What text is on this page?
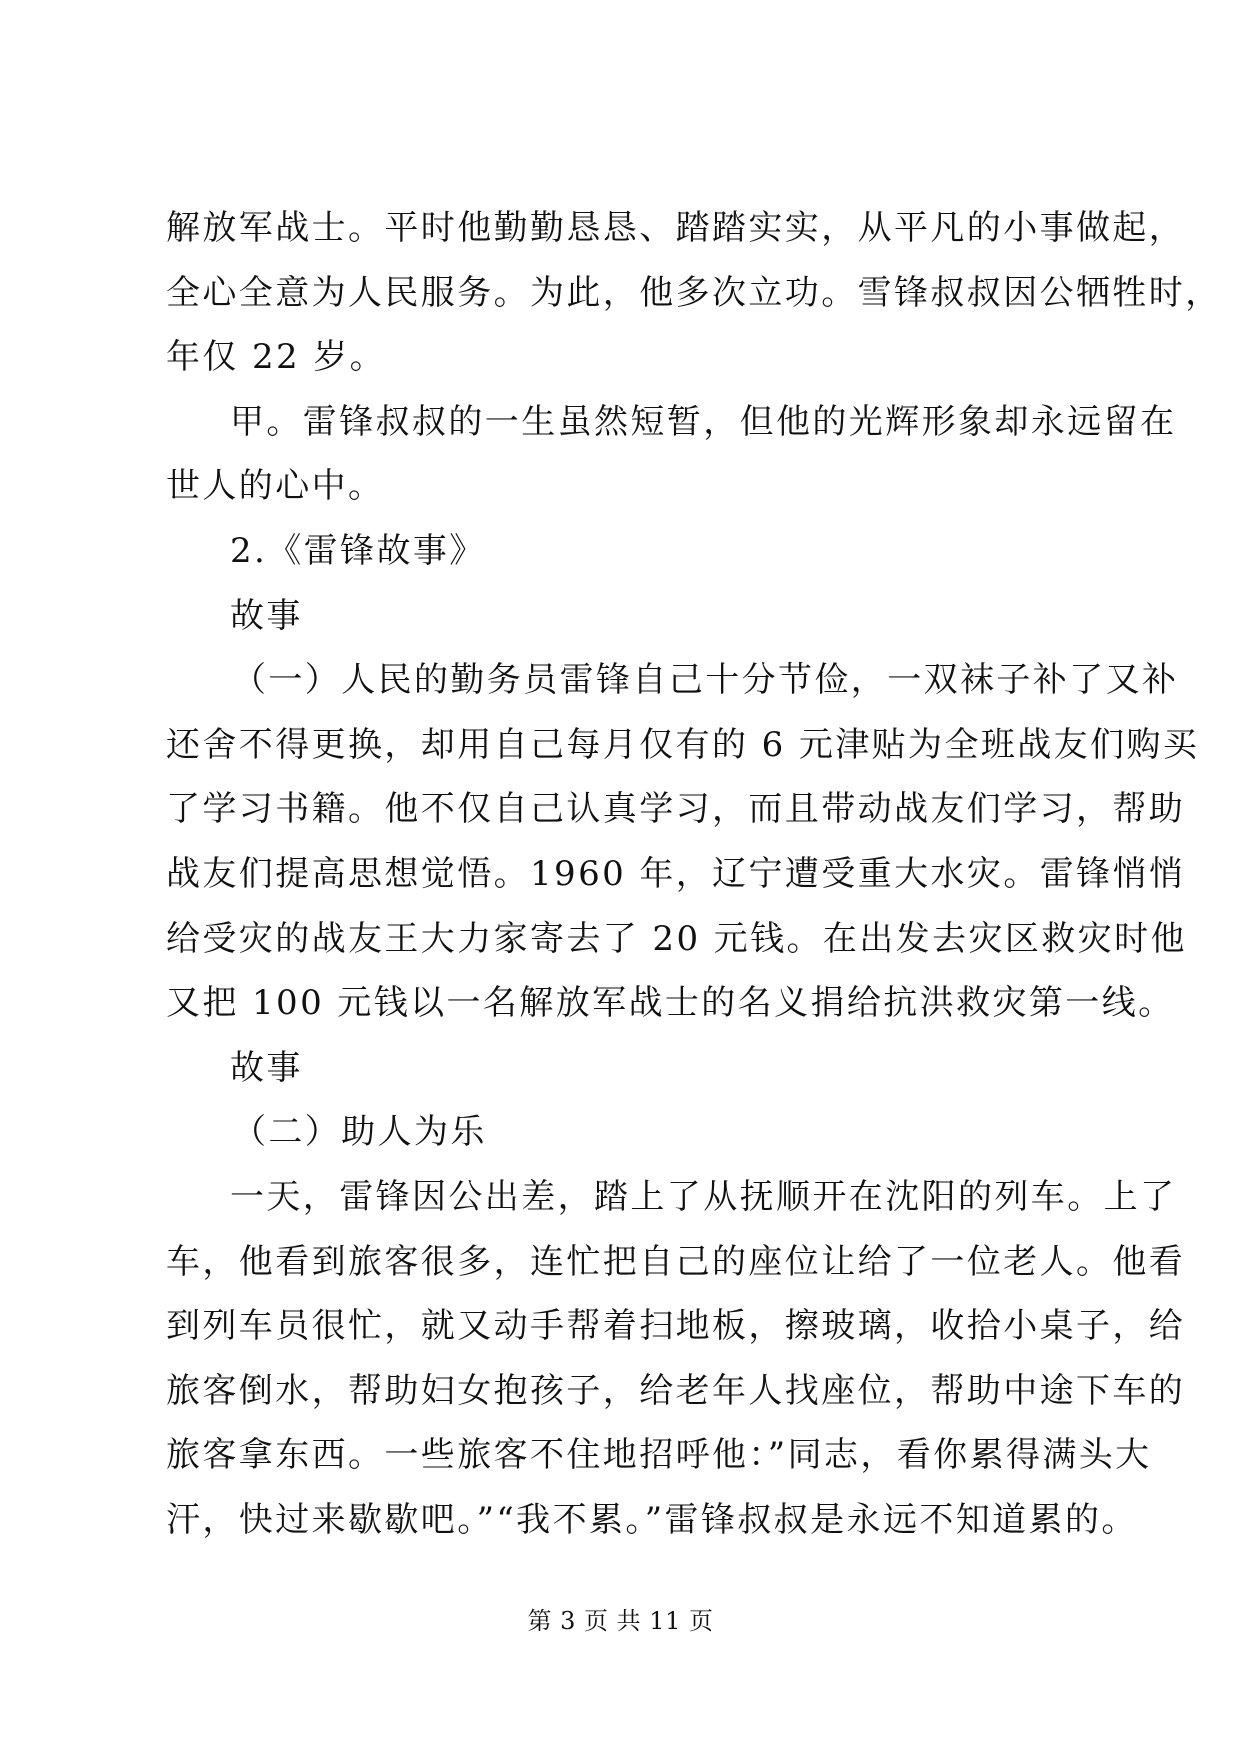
解放军战士。平时他勤勤恳恳、踏踏实实，从平凡的小事做起，
全心全意为人民服务。为此，他多次立功。雪锋叔叔因公牺牲时，
年仅 22 岁。
甲。雷锋叔叔的一生虽然短暂，但他的光辉形象却永远留在
世人的心中。
2.《雷锋故事》
故事
（一）人民的勤务员雷锋自己十分节俭，一双袜子补了又补
还舍不得更换，却用自己每月仅有的 6 元津贴为全班战友们购买
了学习书籍。他不仅自己认真学习，而且带动战友们学习，帮助
战友们提高思想觉悟。1960 年，辽宁遭受重大水灾。雷锋悄悄
给受灾的战友王大力家寄去了 20 元钱。在出发去灾区救灾时他
又把 100 元钱以一名解放军战士的名义捐给抗洪救灾第一线。
故事
（二）助人为乐
一天，雷锋因公出差，踏上了从抚顺开在沈阳的列车。上了
车，他看到旅客很多，连忙把自己的座位让给了一位老人。他看
到列车员很忙，就又动手帮着扫地板，擦玻璃，收拾小桌子，给
旅客倒水，帮助妇女抱孩子，给老年人找座位，帮助中途下车的
旅客拿东西。一些旅客不住地招呼他：”同志，看你累得满头大
汗，快过来歇歇吧。”“我不累。”雷锋叔叔是永远不知道累的。
第 3 页 共 11 页
